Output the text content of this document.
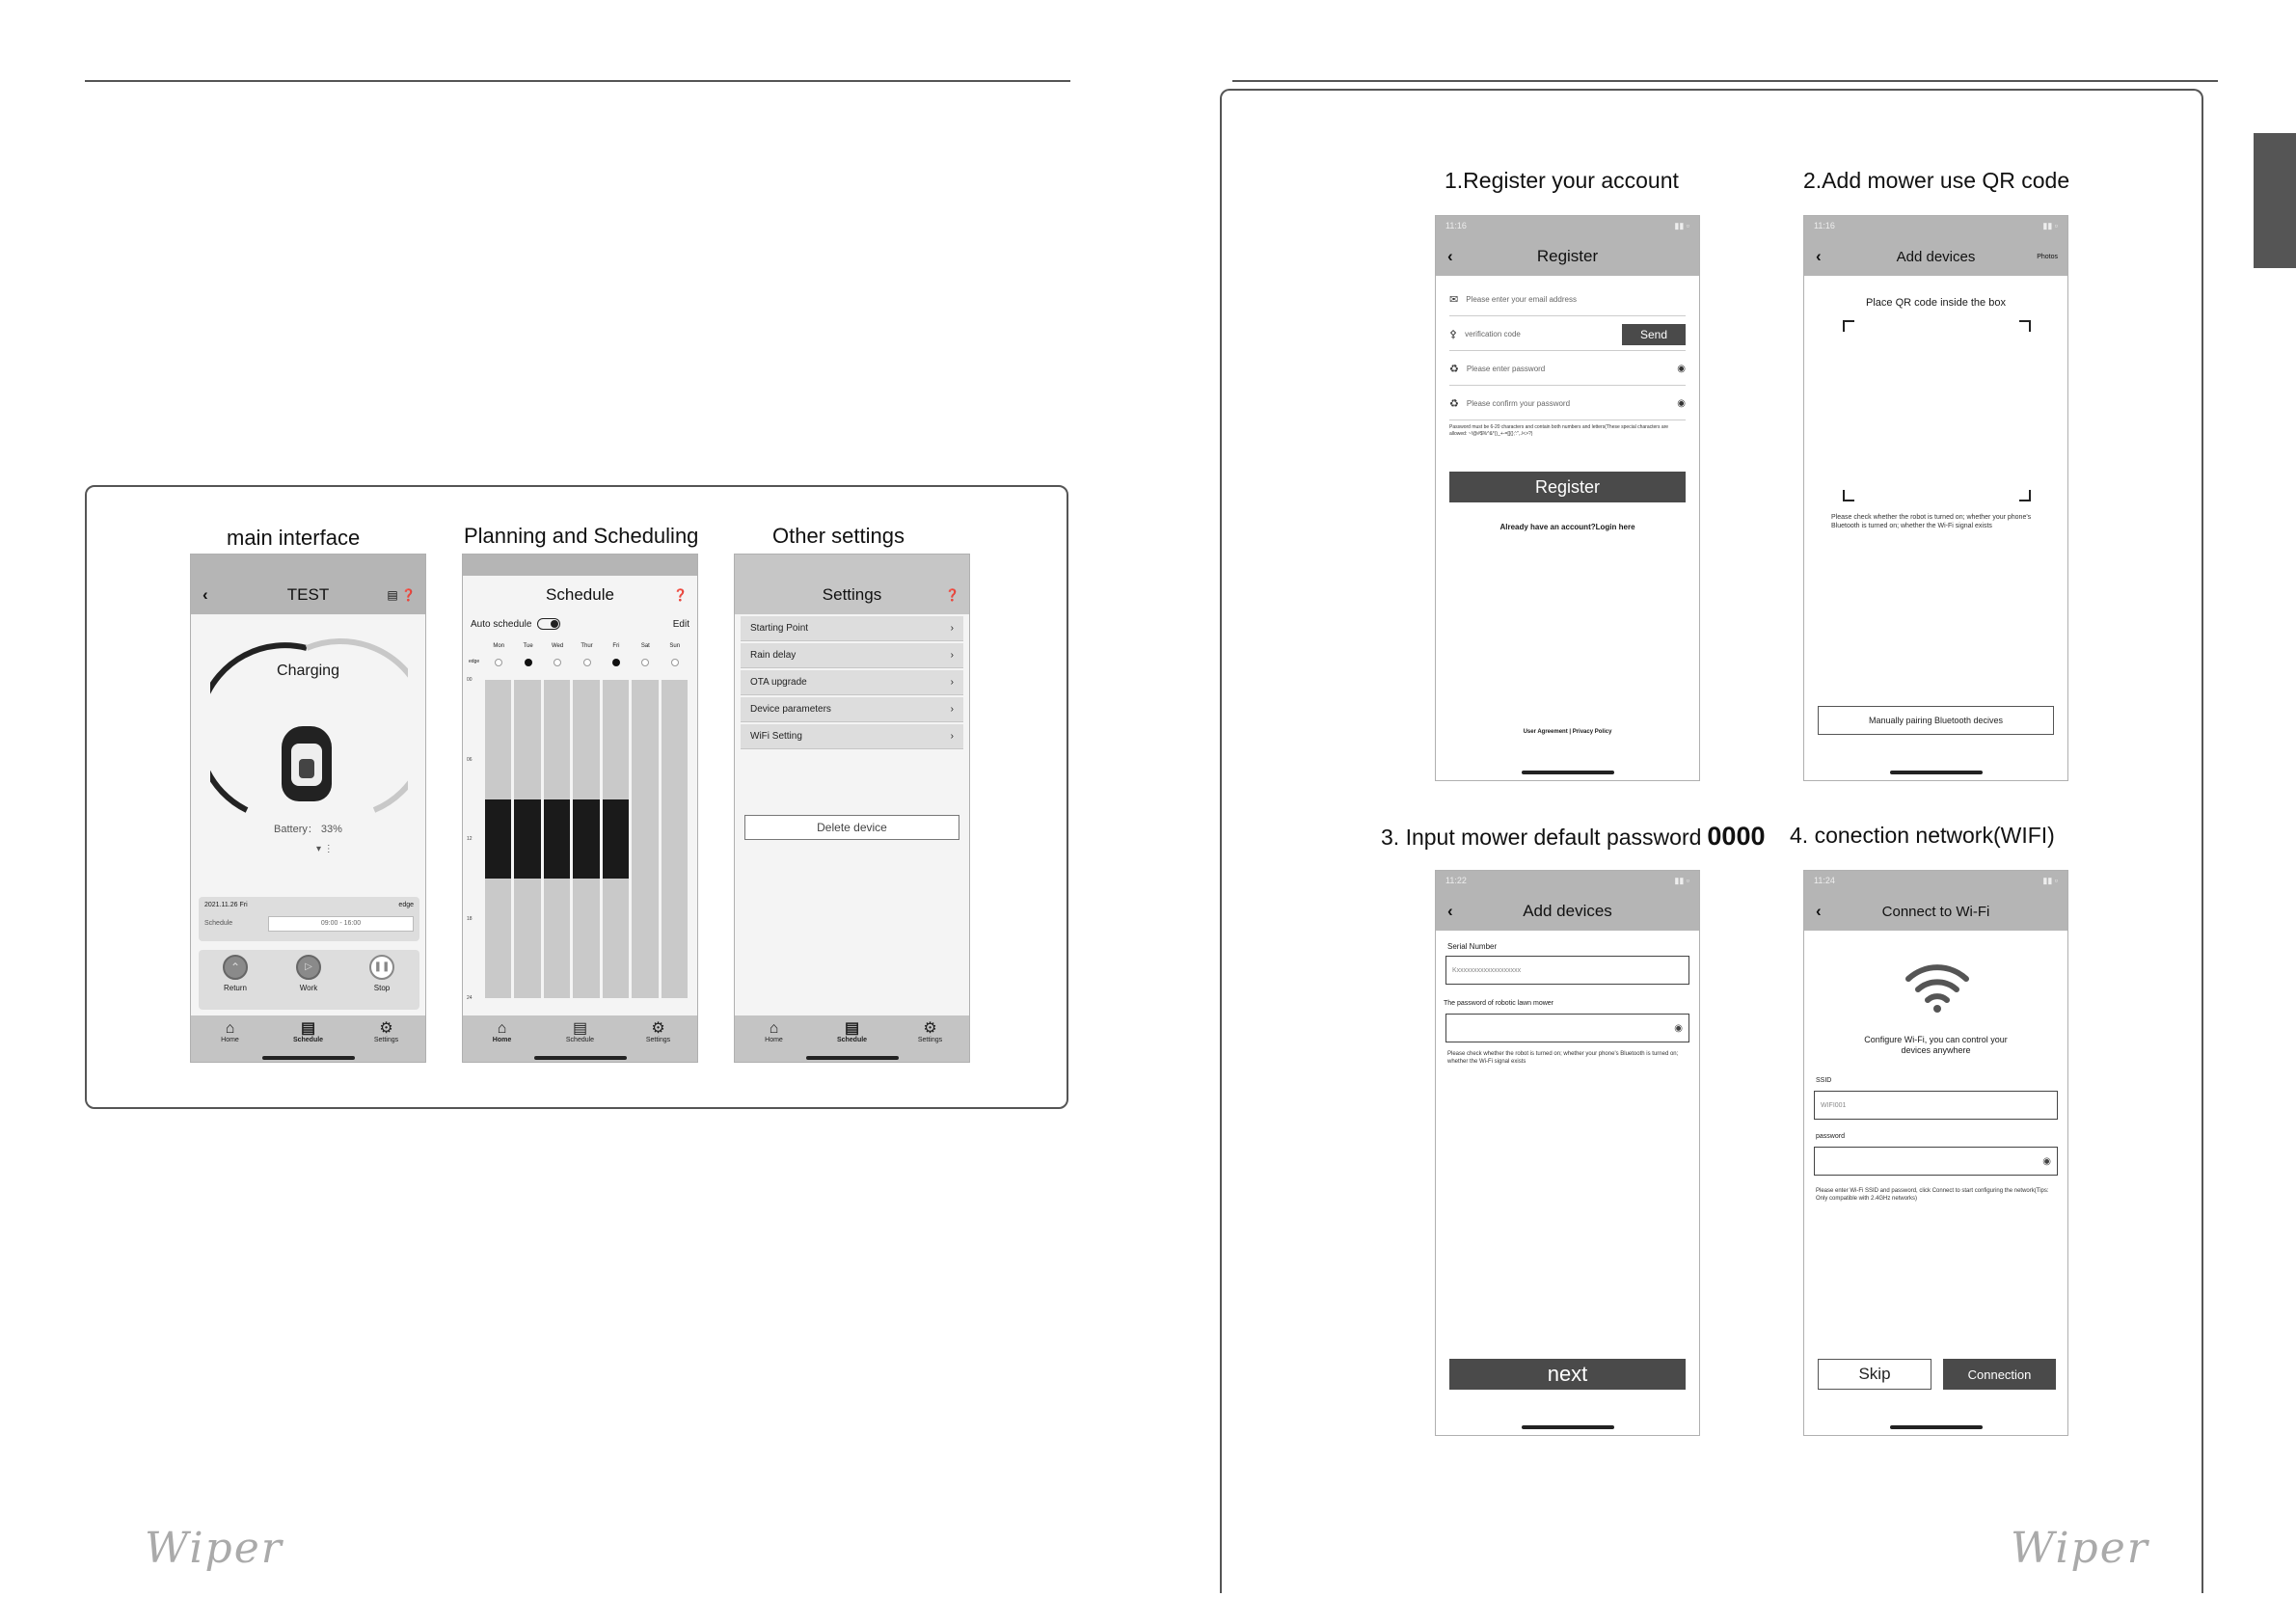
main interface	Planning and Scheduling	Other settings
‹	TEST	▤ ❓
Charging
Battery： 33%
▾ ⋮
2021.11.26 Fri	edge
Schedule	09:00 - 16:00
⌃
Return
▷
Work
❚❚
Stop
⌂
Home
▤
Schedule
⚙
Settings
Schedule	❓
Auto schedule	Edit
Mon	Tue	Wed	Thur	Fri	Sat	Sun
edge
00
06
12
18
24
⌂
Home
▤
Schedule
⚙
Settings
Settings	❓
Starting Point	›
Rain delay	›
OTA upgrade	›
Device parameters	›
WiFi Setting	›
Delete device
⌂
Home
▤
Schedule
⚙
Settings
1.Register your account	2.Add mower use QR code
3. Input mower default password 0000 4. conection network(WIFI)
11:16	▮▮ ▫
‹	Register
✉ Please enter your email address
⚴ verification code	Send
♻ Please enter password	◉
♻ Please confirm your password	◉
Password must be 6-20 characters and contain both numbers and letters(These special characters are allowed: ~!@#$%^&*()_+-=[]{};':",./<>?)
Register
Already have an account?Login here
User Agreement | Privacy Policy
11:16	▮▮ ▫
‹	Add devices	Photos
Place QR code inside the box
Please check whether the robot is turned on; whether your phone's Bluetooth is turned on; whether the Wi-Fi signal exists
Manually pairing Bluetooth decives
11:22	▮▮ ▫
‹	Add devices
Serial Number
Kxxxxxxxxxxxxxxxxxxx
The password of robotic lawn mower
◉
Please check whether the robot is turned on; whether your phone's Bluetooth is turned on; whether the Wi-Fi signal exists
next
11:24	▮▮ ▫
‹	Connect to Wi-Fi
Configure Wi-Fi, you can control your devices anywhere
SSID
WIFI001
password
◉
Please enter Wi-Fi SSID and password, click Connect to start configuring the network(Tips: Only compatible with 2.4GHz networks)
Skip	Connection
Wiper	Wiper
